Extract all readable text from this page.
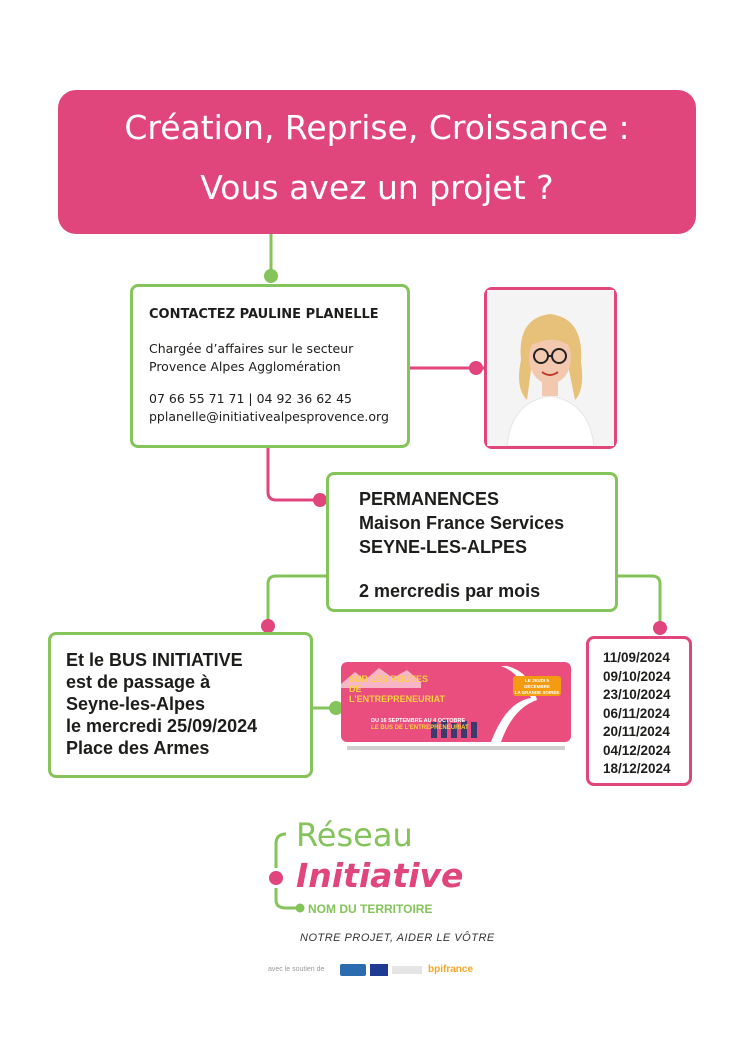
Création, Reprise, Croissance :
Vous avez un projet ?
CONTACTEZ PAULINE PLANELLE
Chargée d’affaires sur le secteur
Provence Alpes Agglomération
07 66 55 71 71 | 04 92 36 62 45
pplanelle@initiativealpesprovence.org
PERMANENCES
Maison France Services
SEYNE-LES-ALPES
2 mercredis par mois
Et le BUS INITIATIVE
est de passage à
Seyne-les-Alpes
le mercredi 25/09/2024
Place des Armes
SUR LES ROUTES DE
L'ENTREPRENEURIAT
DU 16 SEPTEMBRE AU 4 OCTOBRE
LE BUS DE L'ENTREPRENEURIAT
LE JEUDI 5 DÉCEMBRE
LA GRANDE SOIRÉE
11/09/2024
09/10/2024
23/10/2024
06/11/2024
20/11/2024
04/12/2024
18/12/2024
Réseau
Initiative
NOM DU TERRITOIRE
NOTRE PROJET, AIDER LE VÔTRE
avec le soutien de	bpifrance
